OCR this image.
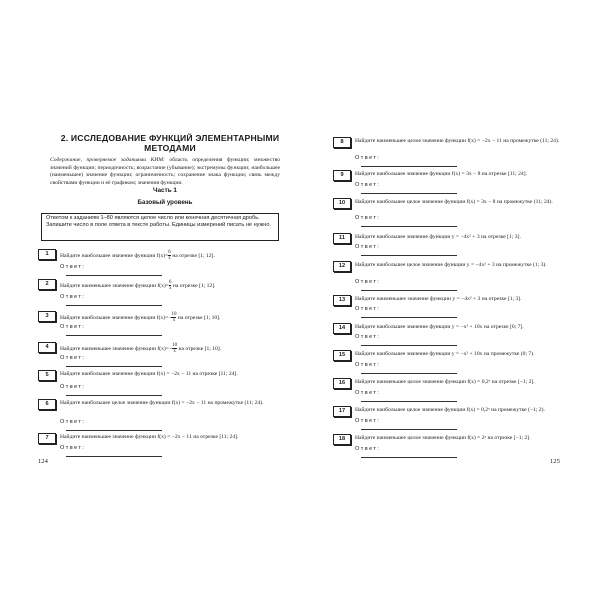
2. ИССЛЕДОВАНИЕ ФУНКЦИЙ ЭЛЕМЕНТАРНЫМИ МЕТОДАМИ
Содержание, проверяемое заданиями КИМ: область определения функции; множество значений функции; периодичность; возрастание (убывание); экстремумы функции; наибольшее (наименьшее) значение функции; ограниченность; сохранение знака функции; связь между свойствами функции и её графиком; значения функции.
Часть 1
Базовый уровень
Ответом к заданиям 1–80 являются целое число или конечная десятичная дробь. Запишите число в поле ответа в тексте работы. Единицы измерений писать не нужно.
1	Найдите наибольшее значение функции $f(x)= \frac{6}{x}$ на отрезке [1; 12].
Ответ:
2	Найдите наименьшее значение функции $f(x)= \frac{6}{x}$ на отрезке [1; 12].
Ответ:
3	Найдите наибольшее значение функции $f(x)=- \frac{10}{x}$ на отрезке [1; 10].
Ответ:
4	Найдите наименьшее значение функции $f(x)=- \frac{10}{x}$ на отрезке [1; 10].
Ответ:
5	Найдите наибольшее значение функции f(x) = −2x − 11 на отрезке [11; 24].
Ответ:
6	Найдите наибольшее целое значение функции f(x) = −2x − 11 на промежутке (11; 24).
Ответ:
7	Найдите наименьшее значение функции f(x) = −2x − 11 на отрезке [11; 24].
Ответ:
124
8	Найдите наименьшее целое значение функции f(x) = −2x − 11 на промежутке (11; 24).
Ответ:
9	Найдите наибольшее значение функции f(x) = 3x − 8 на отрезке [11; 24].
Ответ:
10	Найдите наибольшее целое значение функции f(x) = 3x − 8 на промежутке (11; 24).
Ответ:
11	Найдите наибольшее значение функции y = −4x² + 3 на отрезке [1; 3].
Ответ:
12	Найдите наибольшее целое значение функции y = −4x² + 3 на промежутке (1; 3).
Ответ:
13	Найдите наименьшее значение функции y = −4x² + 3 на отрезке [1; 3].
Ответ:
14	Найдите наибольшее значение функции y = −x² + 10x на отрезке [0; 7].
Ответ:
15	Найдите наибольшее значение функции y = −x² + 10x на промежутке (0; 7).
Ответ:
16	Найдите наименьшее целое значение функции f(x) = 0,2ˣ на отрезке [−1; 2].
Ответ:
17	Найдите наибольшее целое значение функции f(x) = 0,2ˣ на промежутке (−1; 2).
Ответ:
18	Найдите наименьшее целое значение функции f(x) = 2ˣ на отрезке [−1; 2].
Ответ:
125
